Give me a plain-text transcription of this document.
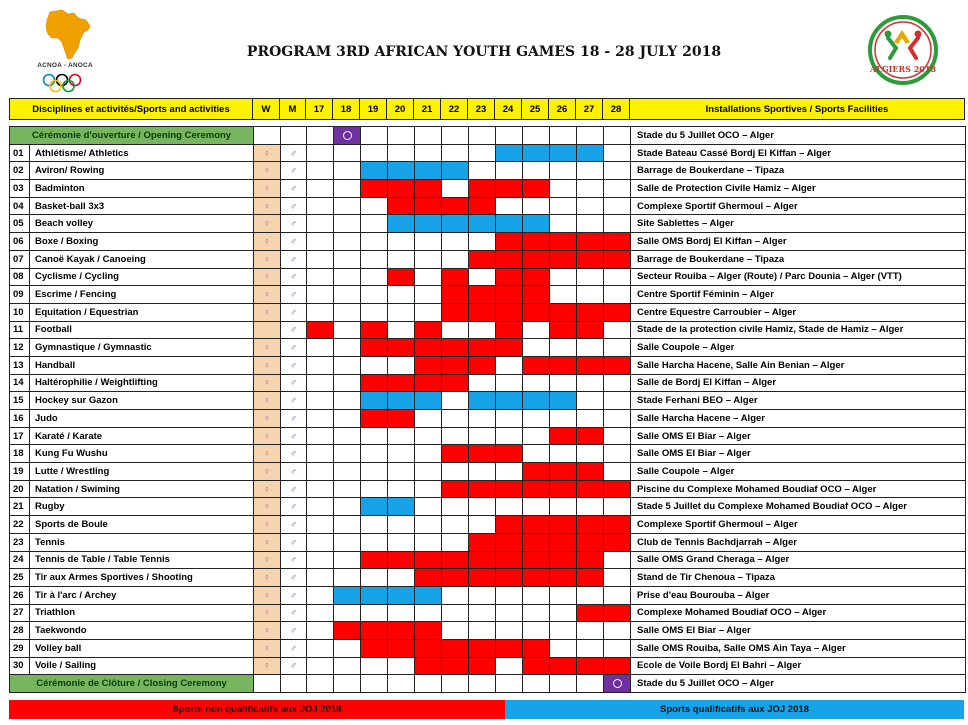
ACNOA - ANOCA
PROGRAM 3RD AFRICAN YOUTH GAMES 18 - 28 JULY 2018
ALGIERS 2018
Disciplines et activités/Sports and activities	W	M	17	18	19	20	21	22	23	24	25	26	27	28	Installations Sportives / Sports Facilities
Cérémonie d'ouverture / Opening Ceremony																Stade du 5 Juillet OCO – Alger
01	Athlétisme/ Athletics	♀	♂													Stade Bateau Cassé Bordj El Kiffan – Alger
02	Aviron/ Rowing	♀	♂													Barrage de Boukerdane – Tipaza
03	Badminton	♀	♂													Salle de Protection Civile Hamiz – Alger
04	Basket-ball 3x3	♀	♂													Complexe Sportif Ghermoul – Alger
05	Beach volley	♀	♂													Site Sablettes – Alger
06	Boxe / Boxing	♀	♂													Salle OMS Bordj El Kiffan – Alger
07	Canoë Kayak / Canoeing	♀	♂													Barrage de Boukerdane – Tipaza
08	Cyclisme / Cycling	♀	♂													Secteur Rouiba – Alger (Route) / Parc Dounia – Alger (VTT)
09	Escrime / Fencing	♀	♂													Centre Sportif Féminin – Alger
10	Equitation / Equestrian	♀	♂													Centre Equestre Carroubier – Alger
11	Football		♂													Stade de la protection civile Hamiz, Stade de Hamiz – Alger
12	Gymnastique / Gymnastic	♀	♂													Salle Coupole – Alger
13	Handball	♀	♂													Salle Harcha Hacene, Salle Ain Benian – Alger
14	Haltérophilie / Weightlifting	♀	♂													Salle de Bordj El Kiffan – Alger
15	Hockey sur Gazon	♀	♂													Stade Ferhani BEO – Alger
16	Judo	♀	♂													Salle Harcha Hacene – Alger
17	Karaté / Karate	♀	♂													Salle OMS El Biar – Alger
18	Kung Fu Wushu	♀	♂													Salle OMS El Biar – Alger
19	Lutte / Wrestling	♀	♂													Salle Coupole – Alger
20	Natation / Swiming	♀	♂													Piscine du Complexe Mohamed Boudiaf OCO – Alger
21	Rugby	♀	♂													Stade 5 Juillet du Complexe Mohamed Boudiaf OCO – Alger
22	Sports de Boule	♀	♂													Complexe Sportif Ghermoul – Alger
23	Tennis	♀	♂													Club de Tennis Bachdjarrah – Alger
24	Tennis de Table / Table Tennis	♀	♂													Salle OMS Grand Cheraga – Alger
25	Tir aux Armes Sportives / Shooting	♀	♂													Stand de Tir Chenoua – Tipaza
26	Tir à l'arc / Archey	♀	♂													Prise d'eau Bourouba – Alger
27	Triathlon	♀	♂													Complexe Mohamed Boudiaf OCO – Alger
28	Taekwondo	♀	♂													Salle OMS El Biar – Alger
29	Volley ball	♀	♂													Salle OMS Rouiba, Salle OMS Ain Taya – Alger
30	Voile / Sailing	♀	♂													Ecole de Voile Bordj El Bahri – Alger
Cérémonie de Clôture / Closing Ceremony																Stade du 5 Juillet OCO – Alger
Sports non qualificatifs aux JOJ 2018	Sports qualificatifs aux JOJ 2018
